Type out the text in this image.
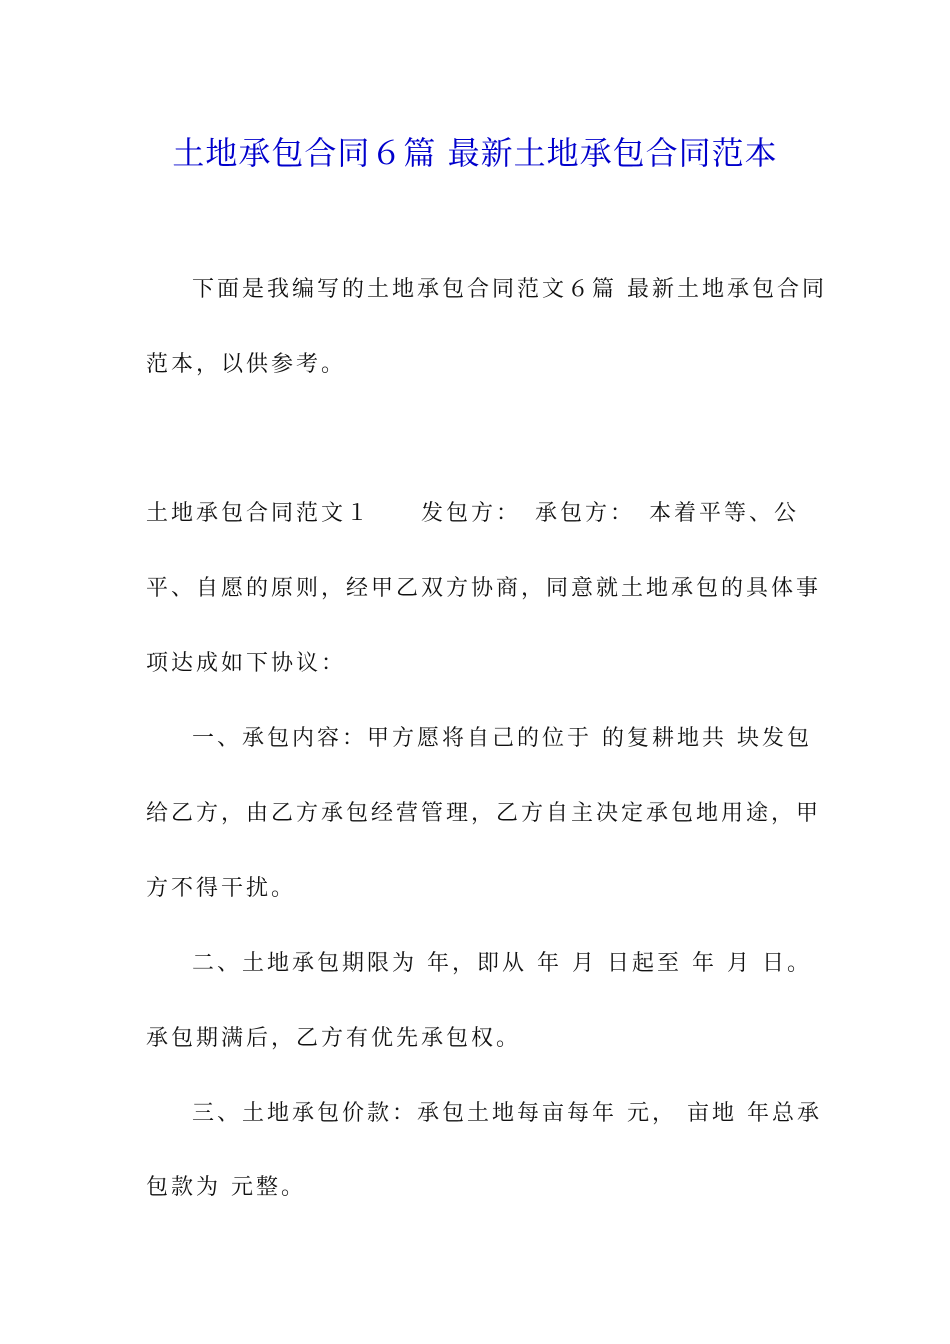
土地承包合同６篇 最新土地承包合同范本
下面是我编写的土地承包合同范文６篇 最新土地承包合同
范本，以供参考。
土地承包合同范文１　　发包方：　承包方：　本着平等、公
平、自愿的原则，经甲乙双方协商，同意就土地承包的具体事
项达成如下协议：
一、承包内容：甲方愿将自己的位于 的复耕地共 块发包
给乙方，由乙方承包经营管理，乙方自主决定承包地用途，甲
方不得干扰。
二、土地承包期限为 年，即从 年 月 日起至 年 月 日。
承包期满后，乙方有优先承包权。
三、土地承包价款：承包土地每亩每年 元， 亩地 年总承
包款为 元整。
